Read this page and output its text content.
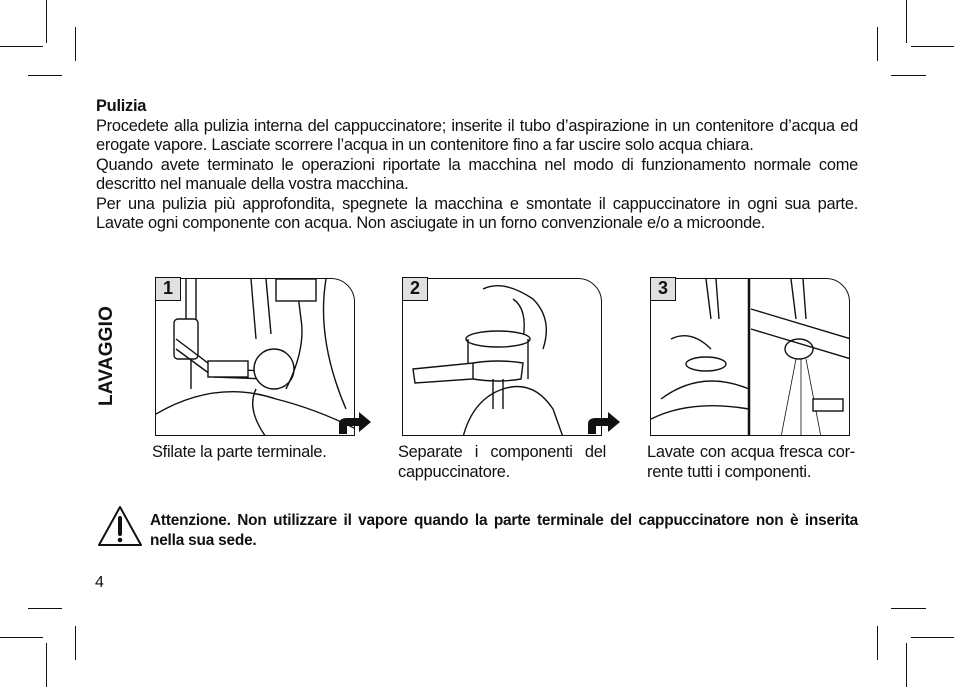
Pulizia

Procedete alla pulizia interna del cappuccinatore; inserite il tubo d’aspirazione in un contenitore d’acqua ed erogate vapore. Lasciate scorrere l’acqua in un contenitore fino a far uscire solo acqua chiara.

Quando avete terminato le operazioni riportate la macchina nel modo di funzionamento normale come descritto nel manuale della vostra macchina.

Per una pulizia più approfondita, spegnete la macchina e smontate il cappuccinatore in ogni sua parte. Lavate ogni componente con acqua. Non asciugate in un forno convenzionale e/o a microonde.

LAVAGGIO
1
Sfilate la parte terminale.
2
Separate i componenti del cappuccinatore.
3
Lavate con acqua fresca cor-rente tutti i componenti.
Attenzione. Non utilizzare il vapore quando la parte terminale del cappuccinatore non è inserita nella sua sede.
4
